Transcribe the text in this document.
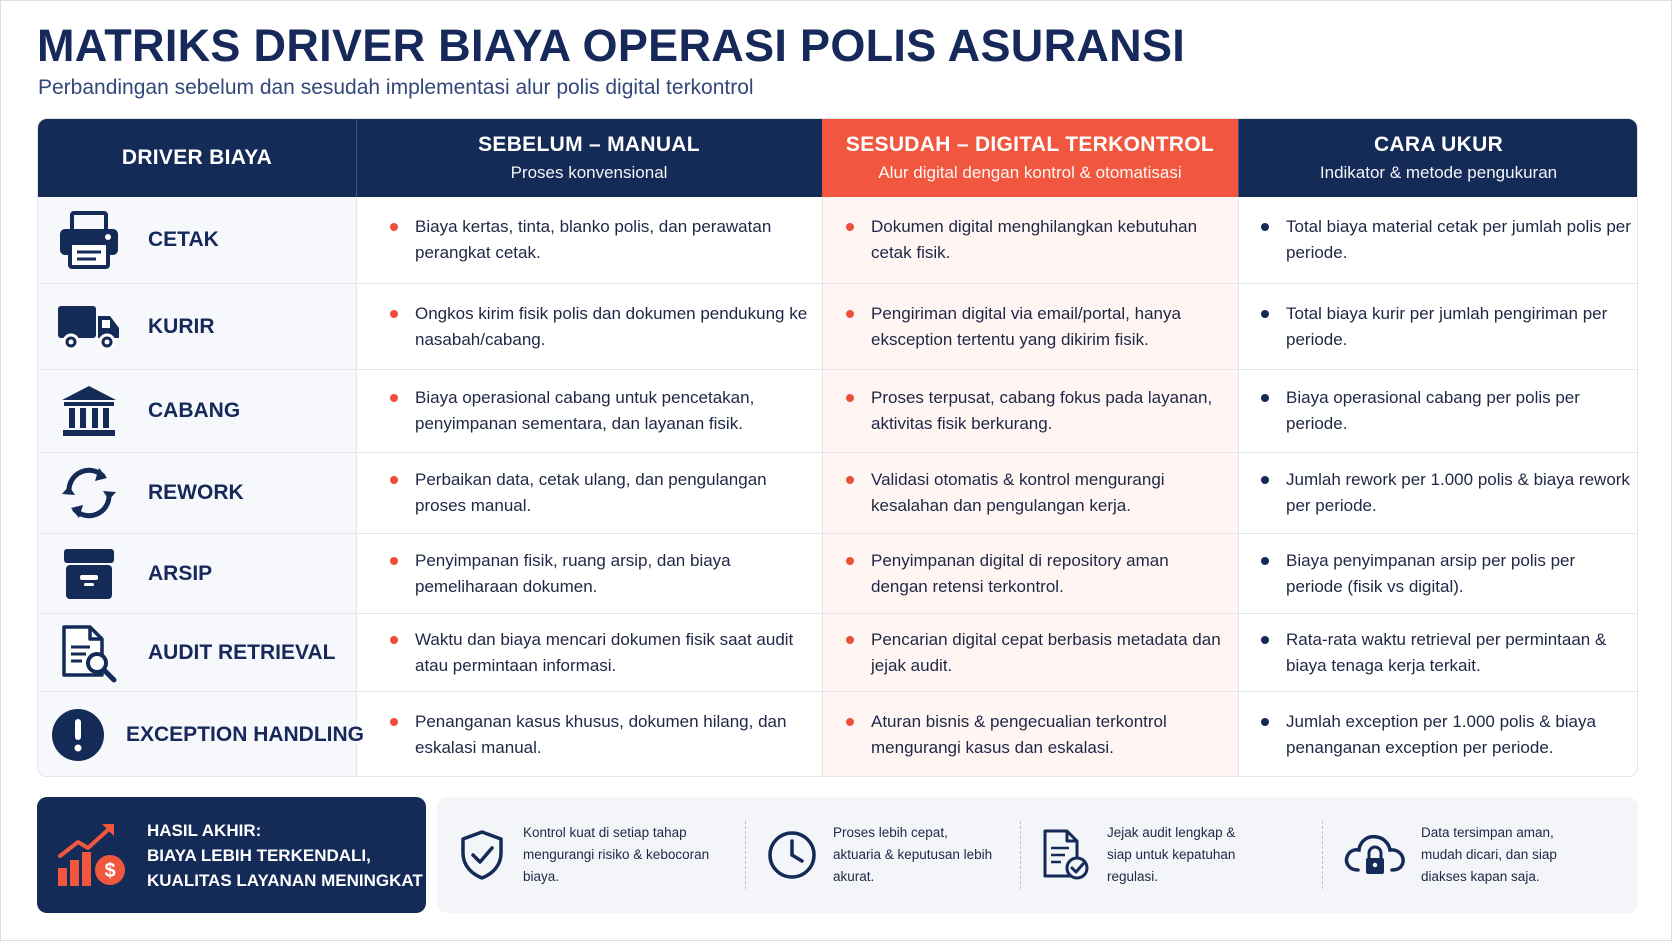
MATRIKS DRIVER BIAYA OPERASI POLIS ASURANSI
Perbandingan sebelum dan sesudah implementasi alur polis digital terkontrol
DRIVER BIAYA
SEBELUM – MANUAL
Proses konvensional
SESUDAH – DIGITAL TERKONTROL
Alur digital dengan kontrol & otomatisasi
CARA UKUR
Indikator & metode pengukuran
CETAK
Biaya kertas, tinta, blanko polis, dan perawatan perangkat cetak.
Dokumen digital menghilangkan kebutuhan cetak fisik.
Total biaya material cetak per jumlah polis per periode.
KURIR
Ongkos kirim fisik polis dan dokumen pendukung ke nasabah/cabang.
Pengiriman digital via email/portal, hanya eksception tertentu yang dikirim fisik.
Total biaya kurir per jumlah pengiriman per periode.
CABANG
Biaya operasional cabang untuk pencetakan, penyimpanan sementara, dan layanan fisik.
Proses terpusat, cabang fokus pada layanan, aktivitas fisik berkurang.
Biaya operasional cabang per polis per periode.
REWORK
Perbaikan data, cetak ulang, dan pengulangan proses manual.
Validasi otomatis & kontrol mengurangi kesalahan dan pengulangan kerja.
Jumlah rework per 1.000 polis & biaya rework per periode.
ARSIP
Penyimpanan fisik, ruang arsip, dan biaya pemeliharaan dokumen.
Penyimpanan digital di repository aman dengan retensi terkontrol.
Biaya penyimpanan arsip per polis per periode (fisik vs digital).
AUDIT RETRIEVAL
Waktu dan biaya mencari dokumen fisik saat audit atau permintaan informasi.
Pencarian digital cepat berbasis metadata dan jejak audit.
Rata-rata waktu retrieval per permintaan & biaya tenaga kerja terkait.
EXCEPTION HANDLING
Penanganan kasus khusus, dokumen hilang, dan eskalasi manual.
Aturan bisnis & pengecualian terkontrol mengurangi kasus dan eskalasi.
Jumlah exception per 1.000 polis & biaya penanganan exception per periode.
$
HASIL AKHIR:
BIAYA LEBIH TERKENDALI,
KUALITAS LAYANAN MENINGKAT
Kontrol kuat di setiap tahap mengurangi risiko & kebocoran biaya.
Proses lebih cepat, aktuaria & keputusan lebih akurat.
Jejak audit lengkap & siap untuk kepatuhan regulasi.
Data tersimpan aman, mudah dicari, dan siap diakses kapan saja.
